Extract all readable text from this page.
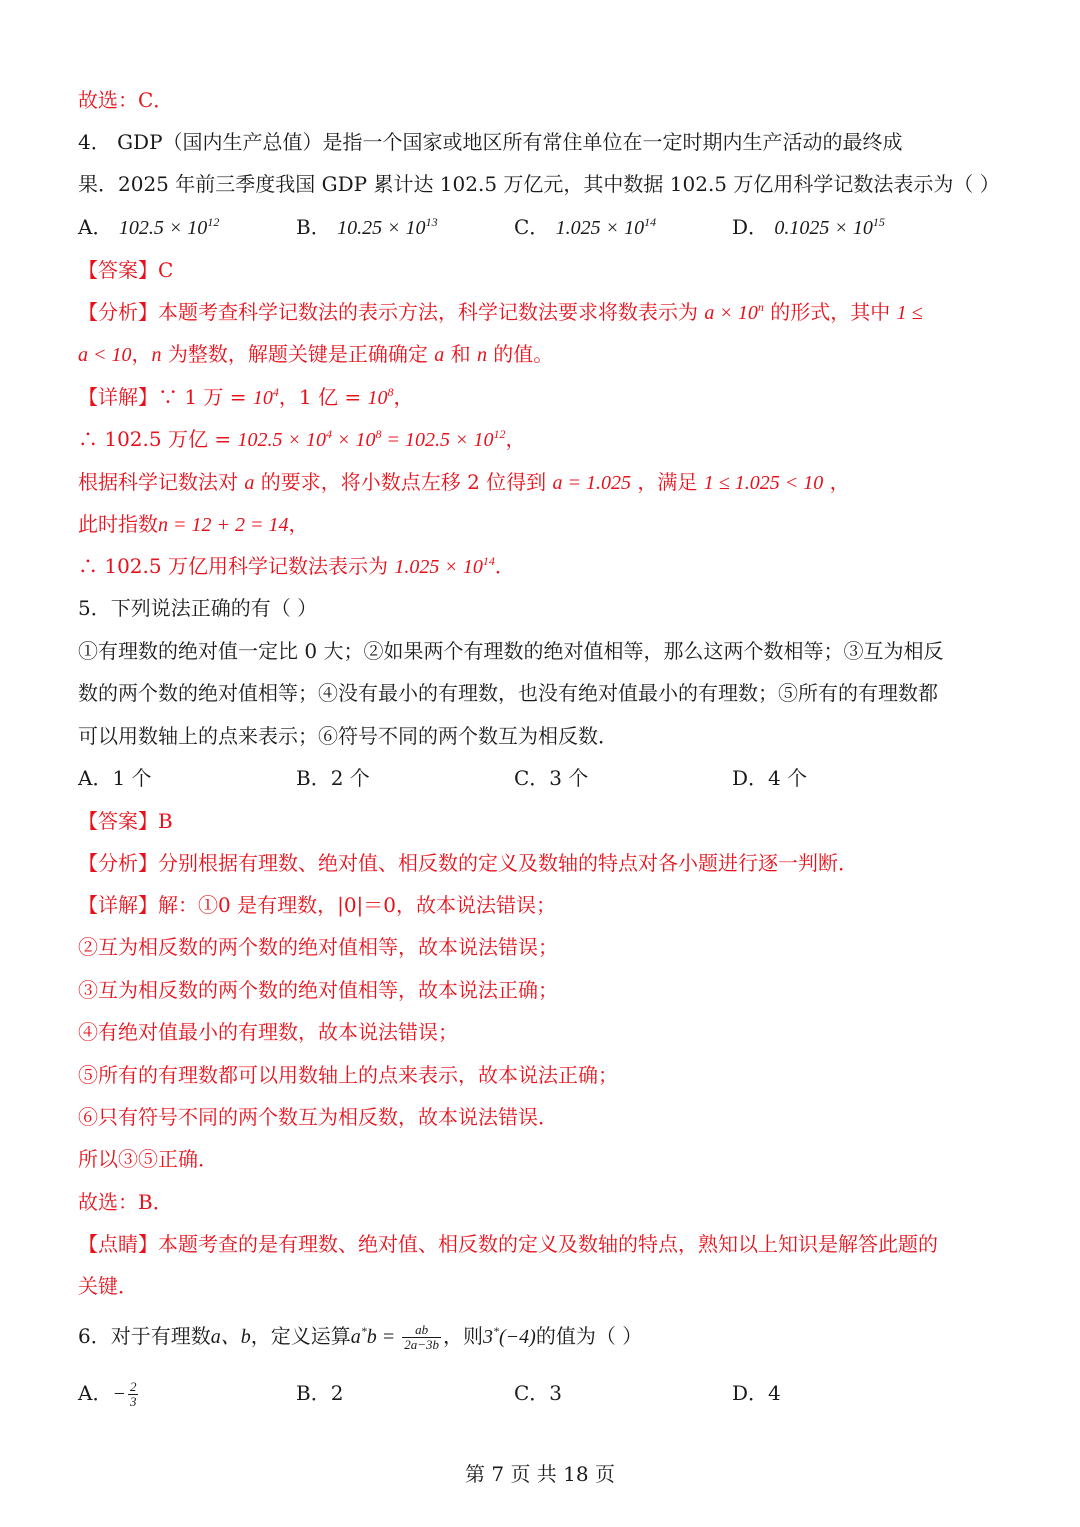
故选：C．
4． GDP（国内生产总值）是指一个国家或地区所有常住单位在一定时期内生产活动的最终成
果．2025 年前三季度我国 GDP 累计达 102.5 万亿元，其中数据 102.5 万亿用科学记数法表示为（ ）
A． $102.5 \times 10^{12}$	B． $10.25 \times 10^{13}$	C． $1.025 \times 10^{14}$	D． $0.1025 \times 10^{15}$
【答案】C
【分析】本题考查科学记数法的表示方法，科学记数法要求将数表示为 $a \times 10^n$ 的形式，其中 1 ≤
a < 10，n 为整数，解题关键是正确确定 a 和 n 的值。
【详解】∵ 1 万 = $10^4$，1 亿 = $10^8$，
∴ 102.5 万亿 = $102.5 \times 10^4 \times 10^8 = 102.5 \times 10^{12}$，
根据科学记数法对 a 的要求，将小数点左移 2 位得到 a = 1.025 ，满足 1 ≤ 1.025 < 10 ，
此时指数n = 12 + 2 = 14，
∴ 102.5 万亿用科学记数法表示为 $1.025 \times 10^{14}$．
5．下列说法正确的有（ ）
①有理数的绝对值一定比 0 大；②如果两个有理数的绝对值相等，那么这两个数相等；③互为相反
数的两个数的绝对值相等；④没有最小的有理数，也没有绝对值最小的有理数；⑤所有的有理数都
可以用数轴上的点来表示；⑥符号不同的两个数互为相反数．
A．1 个	B．2 个	C．3 个	D．4 个
【答案】B
【分析】分别根据有理数、绝对值、相反数的定义及数轴的特点对各小题进行逐一判断．
【详解】解：①0 是有理数，|0|＝0，故本说法错误；
②互为相反数的两个数的绝对值相等，故本说法错误；
③互为相反数的两个数的绝对值相等，故本说法正确；
④有绝对值最小的有理数，故本说法错误；
⑤所有的有理数都可以用数轴上的点来表示，故本说法正确；
⑥只有符号不同的两个数互为相反数，故本说法错误．
所以③⑤正确．
故选：B．
【点睛】本题考查的是有理数、绝对值、相反数的定义及数轴的特点，熟知以上知识是解答此题的
关键．
6．对于有理数a、b，定义运算$a^*b = \frac{ab}{2a-3b}$ ，则3*(−4)的值为（ ）
A．− $\frac{2}{3}$	B．2	C．3	D．4
第 7 页 共 18 页
